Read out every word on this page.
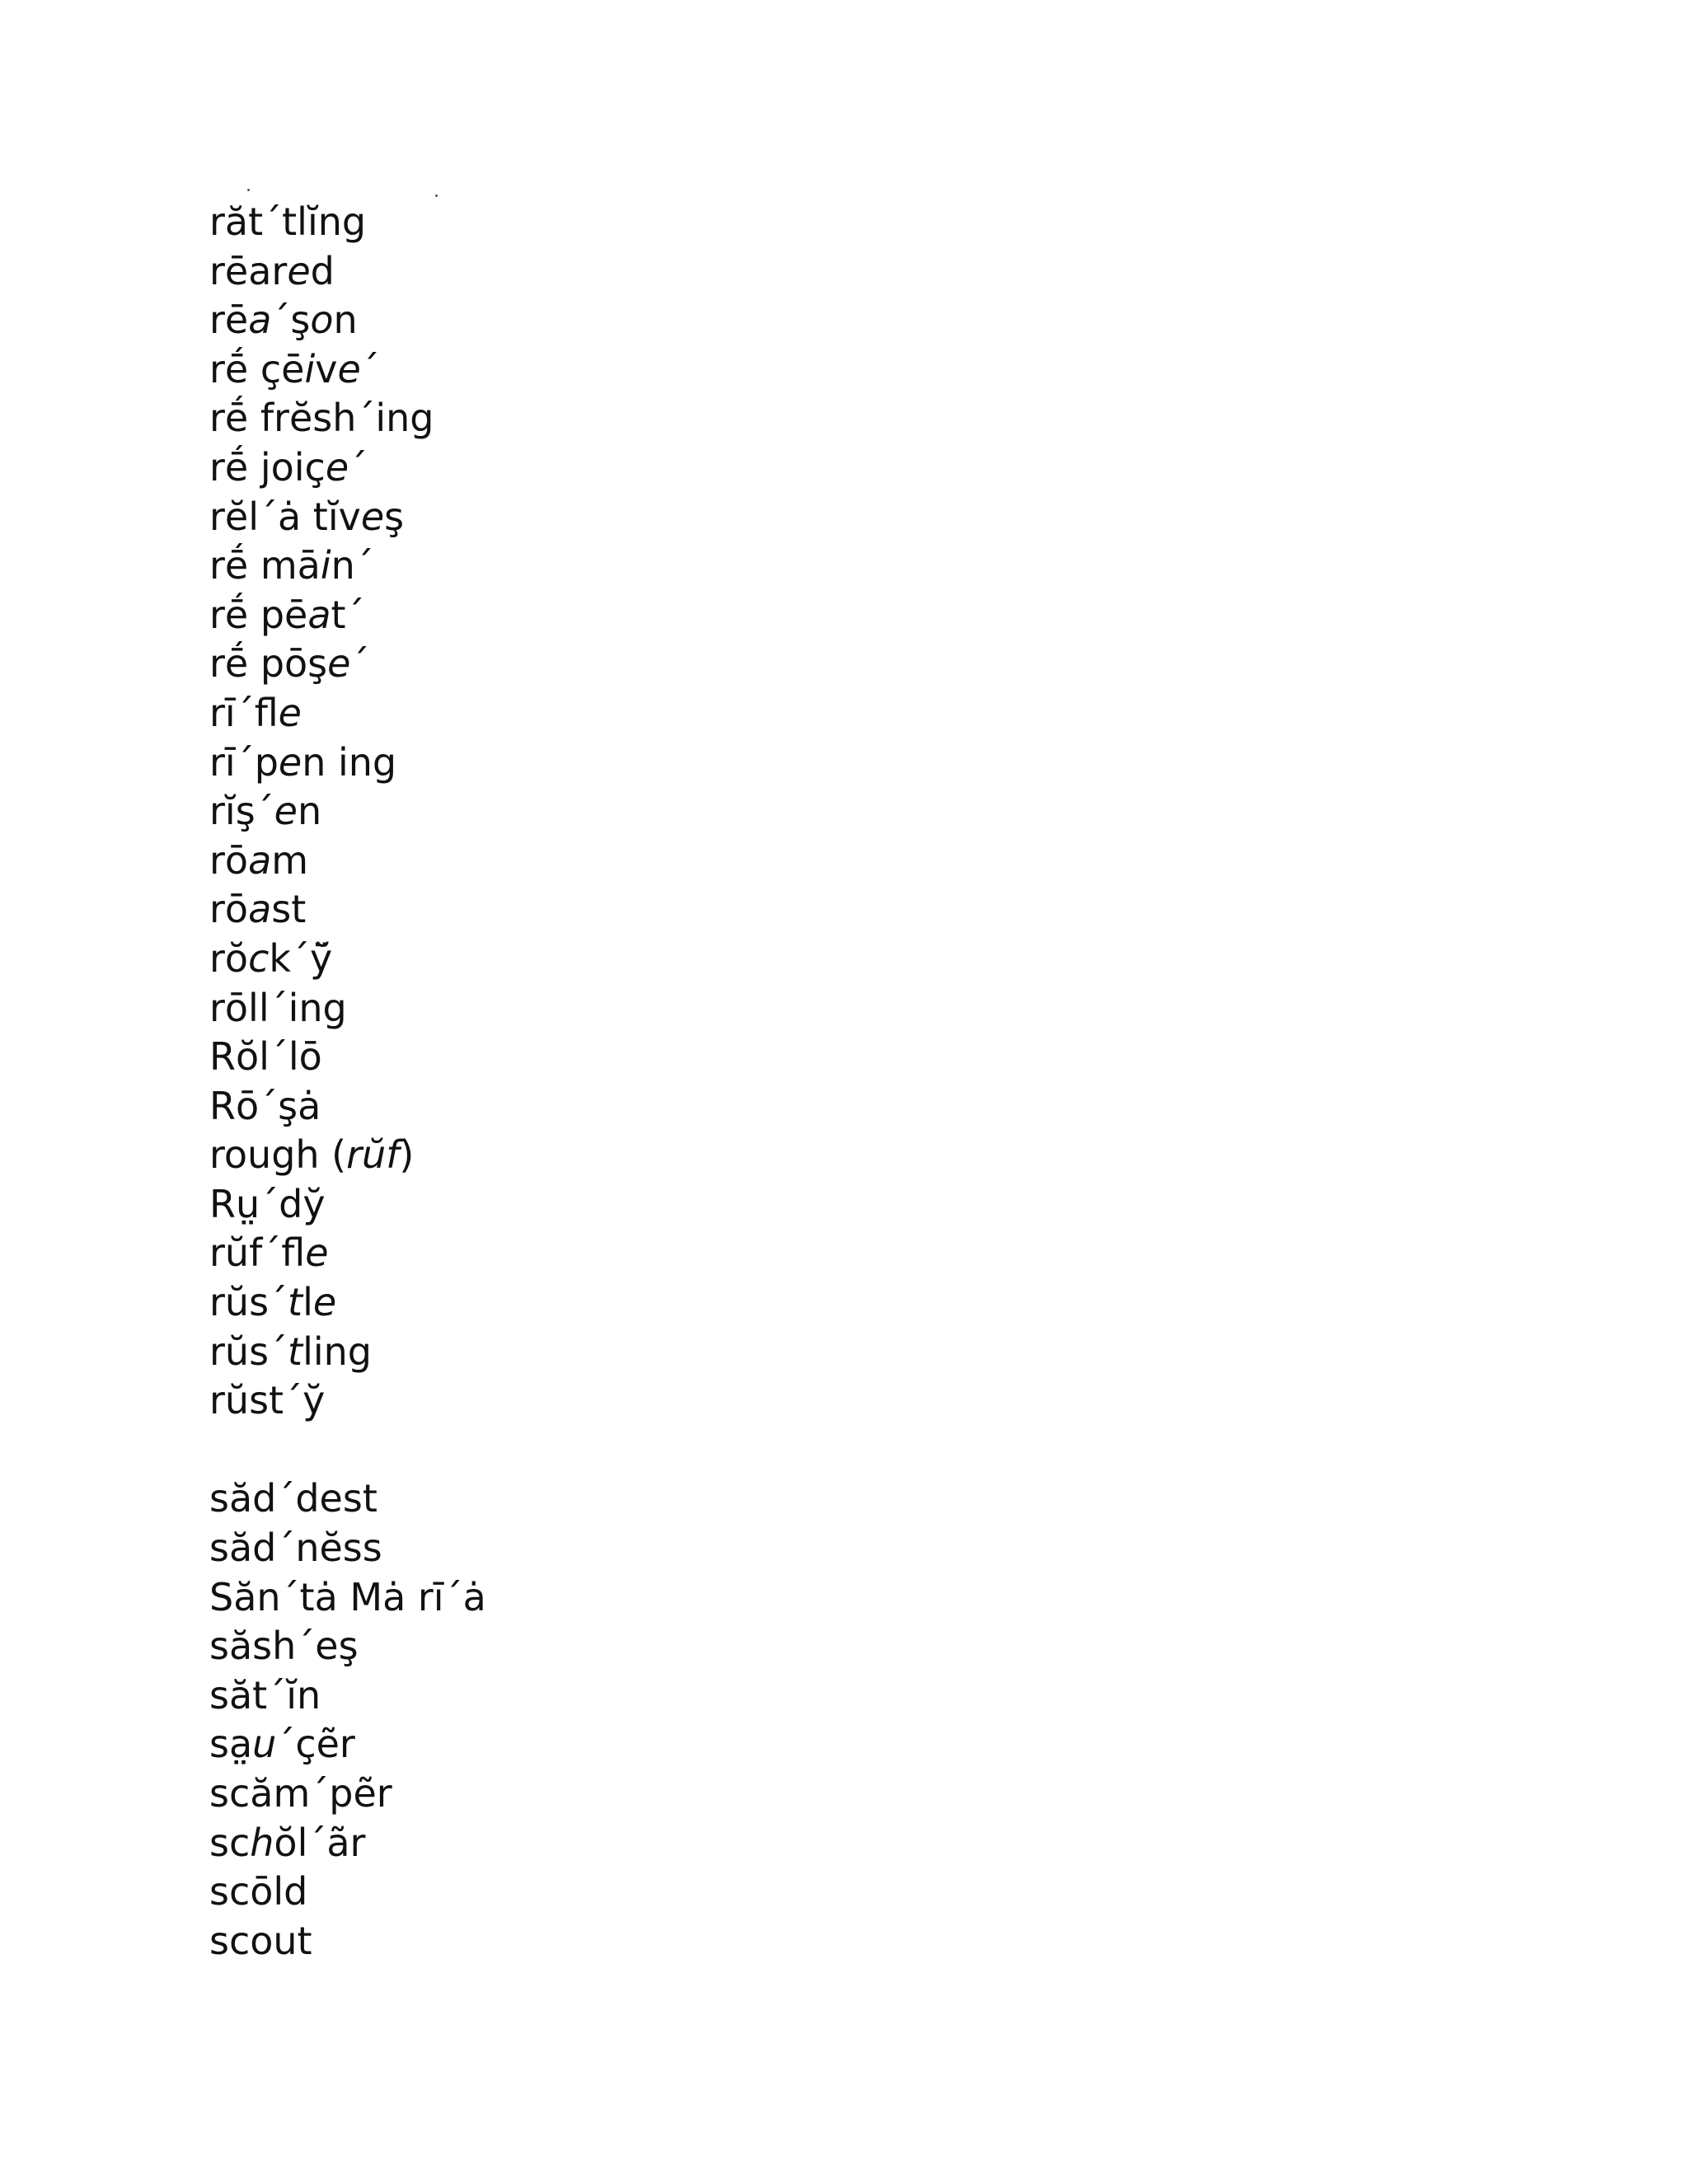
răt´tlĭng
rēared
rēa´şon
rḗ çēive´
rḗ frĕsh´ing
rḗ joiçe´
rĕl´ȧ tĭveş
rḗ māin´
rḗ pēat´
rḗ pōşe´
rī´fle
rī´pen ing
rĭş´en
rōam
rōast
rŏck´ÿ̆
rōll´ing
Rŏl´lō
Rō´şȧ
rough (rŭf)
Rṳ´dy̆
rŭf´fle
rŭs´tle
rŭs´tling
rŭst´y̆
săd´dest
săd´nĕss
Săn´tȧ Mȧ rī´ȧ
săsh´eş
săt´ĭn
sa̤u´çẽr
scăm´pẽr
schŏl´ãr
scōld
scout
